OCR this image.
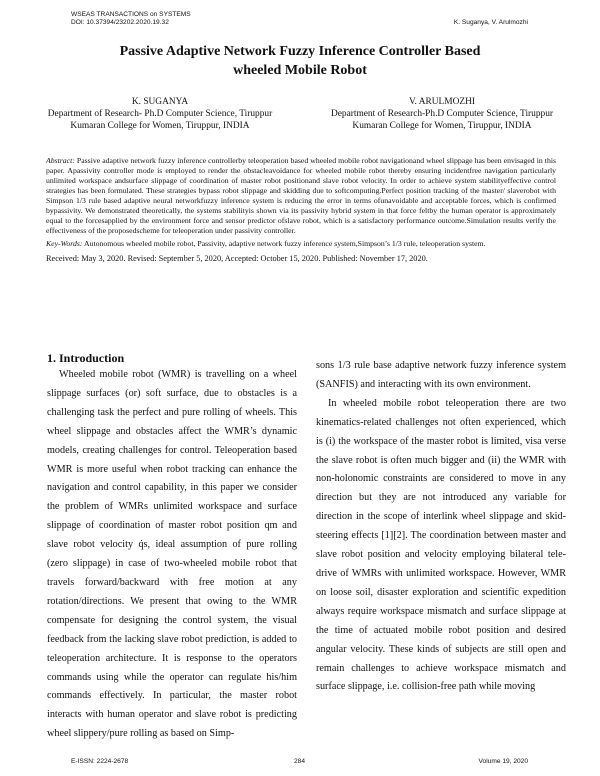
WSEAS TRANSACTIONS on SYSTEMS
DOI: 10.37394/23202.2020.19.32	K. Suganya, V. Arulmozhi
Passive Adaptive Network Fuzzy Inference Controller Based
wheeled Mobile Robot
K. SUGANYA
Department of Research- Ph.D Computer Science, Tiruppur
Kumaran College for Women, Tiruppur, INDIA
V. ARULMOZHI
Department of Research-Ph.D Computer Science, Tiruppur
Kumaran College for Women, Tiruppur, INDIA

Abstract: Passive adaptive network fuzzy inference controllerby teleoperation based wheeled mobile robot navigationand wheel slippage has been envisaged in this paper. Apassivity controller mode is employed to render the obstacleavoidance for wheeled mobile robot thereby ensuring incidentfree navigation particularly unlimited workspace andsurface slippage of coordination of master robot positionand slave robot velocity. In order to achieve system stabilityeffective control strategies has been formulated. These strategies bypass robot slippage and skidding due to softcomputing.Perfect position tracking of the master/ slaverobot with Simpson 1/3 rule based adaptive neural networkfuzzy inference system is reducing the error in terms ofunavoidable and acceptable forces, which is confirmed bypassivity. We demonstrated theoretically, the systems stabilityis shown via its passivity hybrid system in that force feltby the human operator is approximately equal to the forcesapplied by the environment force and sensor predictor ofslave robot, which is a satisfactory performance outcome.Simulation results verify the effectiveness of the proposedscheme for teleoperation under passivity controller.

Key-Words: Autonomous wheeled mobile robot, Passivity, adaptive network fuzzy inference system,Simpson’s 1/3 rule, teleoperation system.

Received: May 3, 2020. Revised: September 5, 2020, Accepted: October 15, 2020. Published: November 17, 2020.

1. Introduction

Wheeled mobile robot (WMR) is travelling on a wheel slippage surfaces (or) soft surface, due to obstacles is a challenging task the perfect and pure rolling of wheels. This wheel slippage and obstacles affect the WMR’s dynamic models, creating challenges for control. Teleoperation based WMR is more useful when robot tracking can enhance the navigation and control capability, in this paper we consider the problem of WMRs unlimited workspace and surface slippage of coordination of master robot position qm and slave robot velocity q̇s, ideal assumption of pure rolling (zero slippage) in case of two-wheeled mobile robot that travels forward/backward with free motion at any rotation/directions. We present that owing to the WMR compensate for designing the control system, the visual feedback from the lacking slave robot prediction, is added to teleoperation architecture. It is response to the operators commands using while the operator can regulate his/him commands effectively. In particular, the master robot interacts with human operator and slave robot is predicting wheel slippery/pure rolling as based on Simp-

sons 1/3 rule base adaptive network fuzzy inference system (SANFIS) and interacting with its own environment.

In wheeled mobile robot teleoperation there are two kinematics-related challenges not often experienced, which is (i) the workspace of the master robot is limited, visa verse the slave robot is often much bigger and (ii) the WMR with non-holonomic constraints are considered to move in any direction but they are not introduced any variable for direction in the scope of interlink wheel slippage and skid-steering effects [1][2]. The coordination between master and slave robot position and velocity employing bilateral tele-drive of WMRs with unlimited workspace. However, WMR on loose soil, disaster exploration and scientific expedition always require workspace mismatch and surface slippage at the time of actuated mobile robot position and desired angular velocity. These kinds of subjects are still open and remain challenges to achieve workspace mismatch and surface slippage, i.e. collision-free path while moving

E-ISSN: 2224-2678	284	Volume 19, 2020
